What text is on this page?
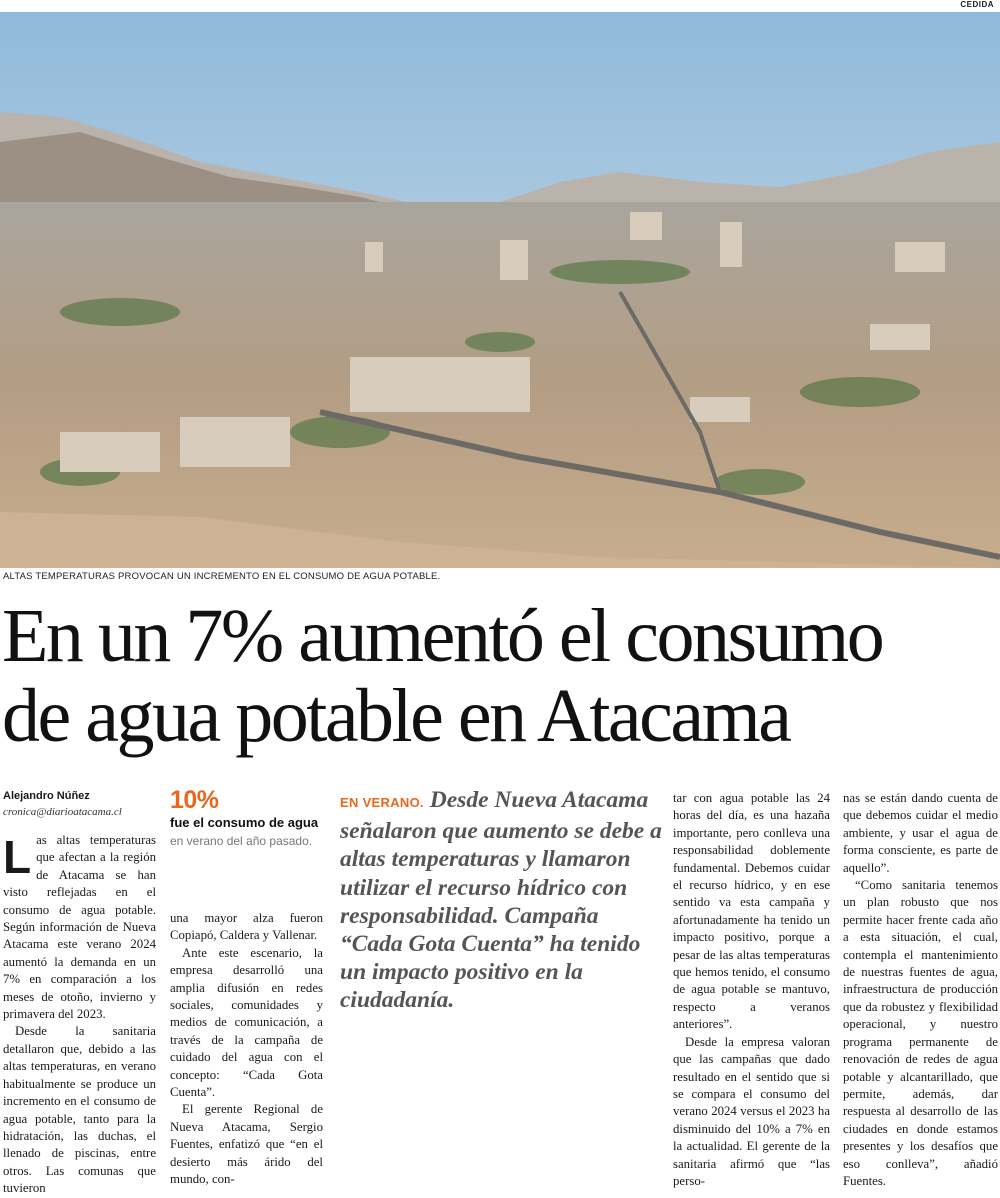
CEDIDA
ALTAS TEMPERATURAS PROVOCAN UN INCREMENTO EN EL CONSUMO DE AGUA POTABLE.
En un 7% aumentó el consumo
de agua potable en Atacama
Alejandro Núñez
cronica@diarioatacama.cl 10%
fue el consumo de agua en verano del año pasado.

Las altas temperaturas que afectan a la región de Atacama se han visto reflejadas en el consumo de agua potable. Según información de Nueva Atacama este verano 2024 aumentó la demanda en un 7% en comparación a los meses de otoño, invierno y primavera del 2023.

Desde la sanitaria detallaron que, debido a las altas temperaturas, en verano habitualmente se produce un incremento en el consumo de agua potable, tanto para la hidratación, las duchas, el llenado de piscinas, entre otros. Las comunas que tuvieron

una mayor alza fueron Copiapó, Caldera y Vallenar.

Ante este escenario, la empresa desarrolló una amplia difusión en redes sociales, comunidades y medios de comunicación, a través de la campaña de cuidado del agua con el concepto: “Cada Gota Cuenta”.

El gerente Regional de Nueva Atacama, Sergio Fuentes, enfatizó que “en el desierto más árido del mundo, con-

EN VERANO. Desde Nueva Atacama señalaron que aumento se debe a altas temperaturas y llamaron utilizar el recurso hídrico con responsabilidad. Campaña “Cada Gota Cuenta” ha tenido un impacto positivo en la ciudadanía.

tar con agua potable las 24 horas del día, es una hazaña importante, pero conlleva una responsabilidad doblemente fundamental. Debemos cuidar el recurso hídrico, y en ese sentido va esta campaña y afortunadamente ha tenido un impacto positivo, porque a pesar de las altas temperaturas que hemos tenido, el consumo de agua potable se mantuvo, respecto a veranos anteriores”.

Desde la empresa valoran que las campañas que dado resultado en el sentido que si se compara el consumo del verano 2024 versus el 2023 ha disminuido del 10% a 7% en la actualidad. El gerente de la sanitaria afirmó que “las perso-

nas se están dando cuenta de que debemos cuidar el medio ambiente, y usar el agua de forma consciente, es parte de aquello”.

“Como sanitaria tenemos un plan robusto que nos permite hacer frente cada año a esta situación, el cual, contempla el mantenimiento de nuestras fuentes de agua, infraestructura de producción que da robustez y flexibilidad operacional, y nuestro programa permanente de renovación de redes de agua potable y alcantarillado, que permite, además, dar respuesta al desarrollo de las ciudades en donde estamos presentes y los desafíos que eso conlleva”, añadió Fuentes.
